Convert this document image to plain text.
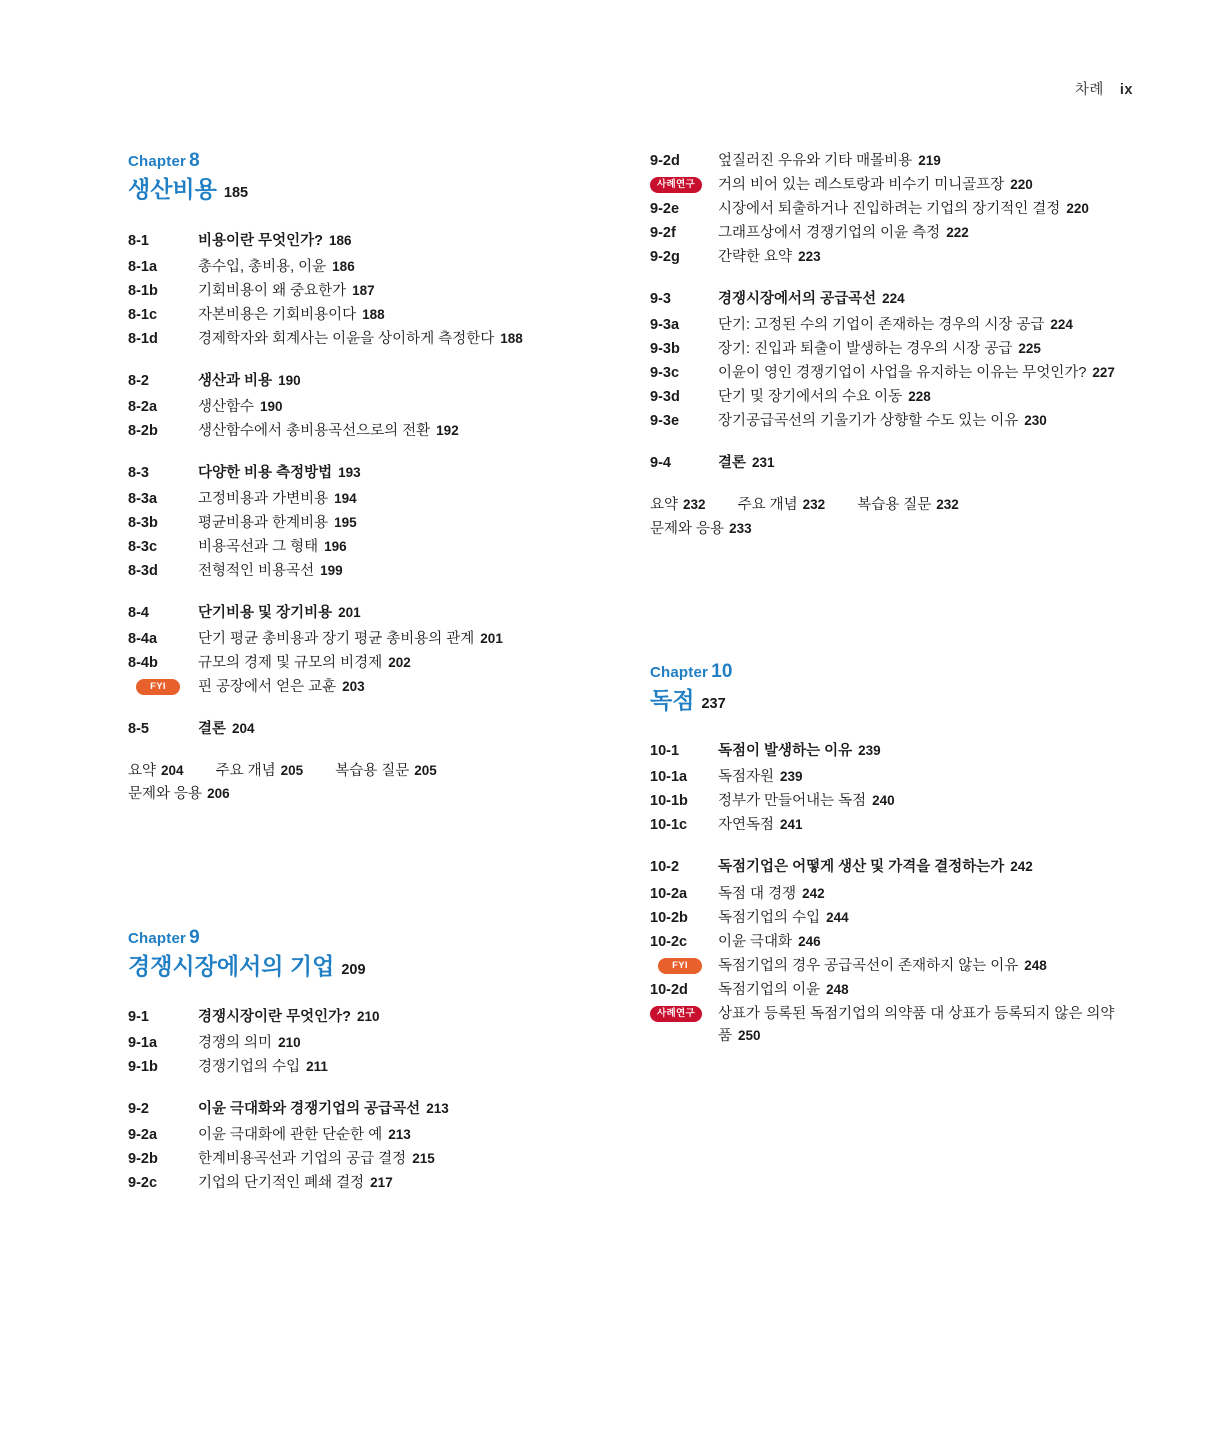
차례 ix
Chapter 8
생산비용 185
8-1	비용이란 무엇인가? 186
8-1a	총수입, 총비용, 이윤 186
8-1b	기회비용이 왜 중요한가 187
8-1c	자본비용은 기회비용이다 188
8-1d	경제학자와 회계사는 이윤을 상이하게 측정한다 188
8-2	생산과 비용 190
8-2a	생산함수 190
8-2b	생산함수에서 총비용곡선으로의 전환 192
8-3	다양한 비용 측정방법 193
8-3a	고정비용과 가변비용 194
8-3b	평균비용과 한계비용 195
8-3c	비용곡선과 그 형태 196
8-3d	전형적인 비용곡선 199
8-4	단기비용 및 장기비용 201
8-4a	단기 평균 총비용과 장기 평균 총비용의 관계 201
8-4b	규모의 경제 및 규모의 비경제 202
FYI	핀 공장에서 얻은 교훈 203
8-5	결론 204
요약 204 주요 개념 205 복습용 질문 205
문제와 응용 206
Chapter 9
경쟁시장에서의 기업 209
9-1	경쟁시장이란 무엇인가? 210
9-1a	경쟁의 의미 210
9-1b	경쟁기업의 수입 211
9-2	이윤 극대화와 경쟁기업의 공급곡선 213
9-2a	이윤 극대화에 관한 단순한 예 213
9-2b	한계비용곡선과 기업의 공급 결정 215
9-2c	기업의 단기적인 폐쇄 결정 217
9-2d	엎질러진 우유와 기타 매몰비용 219
사례연구	거의 비어 있는 레스토랑과 비수기 미니골프장 220
9-2e	시장에서 퇴출하거나 진입하려는 기업의 장기적인 결정 220
9-2f	그래프상에서 경쟁기업의 이윤 측정 222
9-2g	간략한 요약 223
9-3	경쟁시장에서의 공급곡선 224
9-3a	단기: 고정된 수의 기업이 존재하는 경우의 시장 공급 224
9-3b	장기: 진입과 퇴출이 발생하는 경우의 시장 공급 225
9-3c	이윤이 영인 경쟁기업이 사업을 유지하는 이유는 무엇인가? 227
9-3d	단기 및 장기에서의 수요 이동 228
9-3e	장기공급곡선의 기울기가 상향할 수도 있는 이유 230
9-4	결론 231
요약 232 주요 개념 232 복습용 질문 232
문제와 응용 233
Chapter 10
독점 237
10-1	독점이 발생하는 이유 239
10-1a	독점자원 239
10-1b	정부가 만들어내는 독점 240
10-1c	자연독점 241
10-2	독점기업은 어떻게 생산 및 가격을 결정하는가 242
10-2a	독점 대 경쟁 242
10-2b	독점기업의 수입 244
10-2c	이윤 극대화 246
FYI	독점기업의 경우 공급곡선이 존재하지 않는 이유 248
10-2d	독점기업의 이윤 248
사례연구	상표가 등록된 독점기업의 의약품 대 상표가 등록되지 않은 의약품 250
